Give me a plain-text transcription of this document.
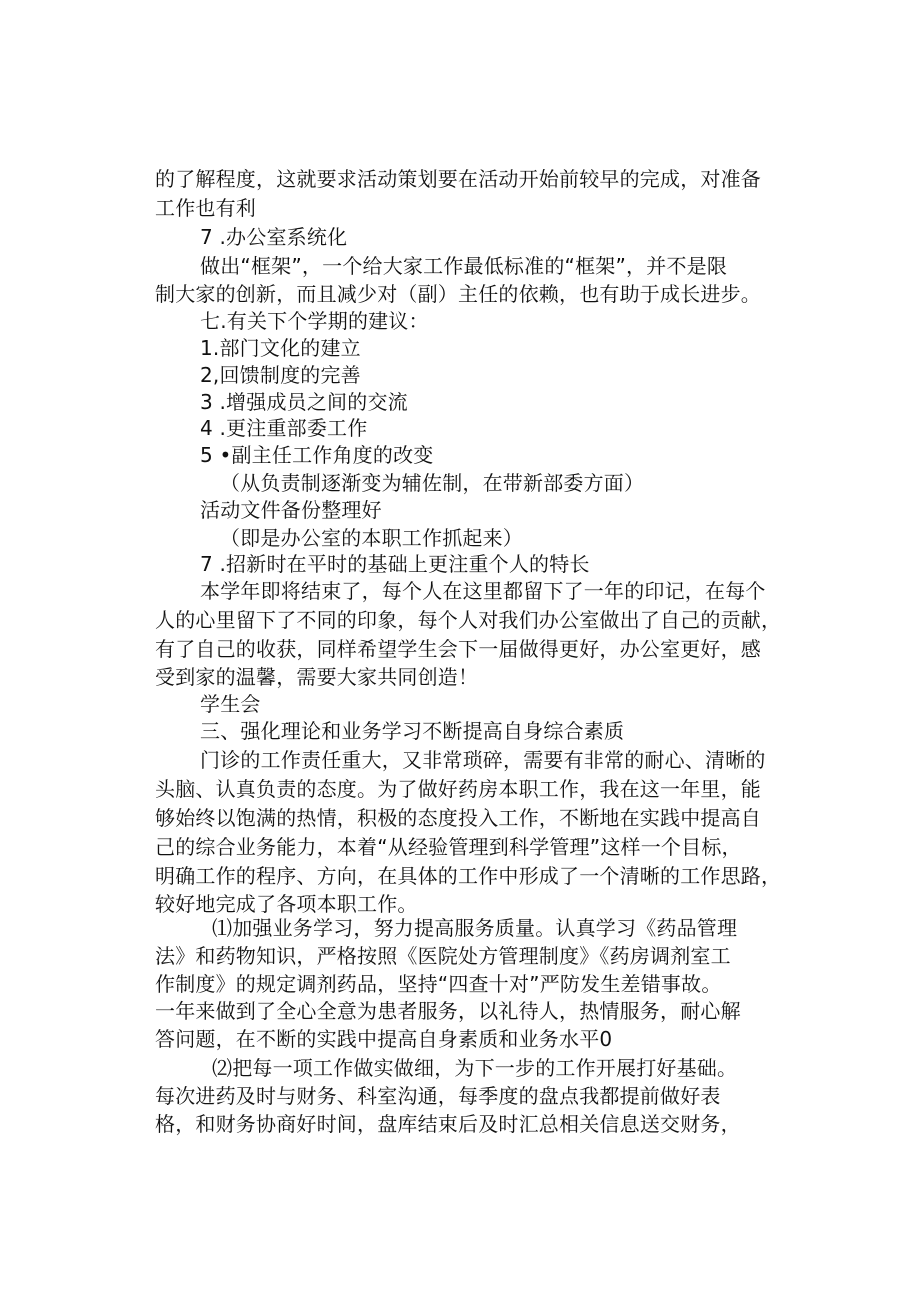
的了解程度，这就要求活动策划要在活动开始前较早的完成，对准备
工作也有利
7 .办公室系统化
做出“框架”，一个给大家工作最低标准的“框架”，并不是限
制大家的创新，而且减少对（副）主任的依赖，也有助于成长进步。
七.有关下个学期的建议：
1.部门文化的建立
2,回馈制度的完善
3 .增强成员之间的交流
4 .更注重部委工作
5 •副主任工作角度的改变
（从负责制逐渐变为辅佐制，在带新部委方面）
活动文件备份整理好
（即是办公室的本职工作抓起来）
7 .招新时在平时的基础上更注重个人的特长
本学年即将结束了，每个人在这里都留下了一年的印记，在每个
人的心里留下了不同的印象，每个人对我们办公室做出了自己的贡献，
有了自己的收获，同样希望学生会下一届做得更好，办公室更好，感
受到家的温馨，需要大家共同创造！
学生会
三、强化理论和业务学习不断提高自身综合素质
门诊的工作责任重大，又非常琐碎，需要有非常的耐心、清晰的
头脑、认真负责的态度。为了做好药房本职工作，我在这一年里，能
够始终以饱满的热情，积极的态度投入工作，不断地在实践中提高自
己的综合业务能力，本着“从经验管理到科学管理”这样一个目标，
明确工作的程序、方向，在具体的工作中形成了一个清晰的工作思路，
较好地完成了各项本职工作。
⑴加强业务学习，努力提高服务质量。认真学习《药品管理
法》和药物知识，严格按照《医院处方管理制度》《药房调剂室工
作制度》的规定调剂药品，坚持“四查十对”严防发生差错事故。
一年来做到了全心全意为患者服务，以礼待人，热情服务，耐心解
答问题，在不断的实践中提高自身素质和业务水平0
⑵把每一项工作做实做细，为下一步的工作开展打好基础。
每次进药及时与财务、科室沟通，每季度的盘点我都提前做好表
格，和财务协商好时间，盘库结束后及时汇总相关信息送交财务，
